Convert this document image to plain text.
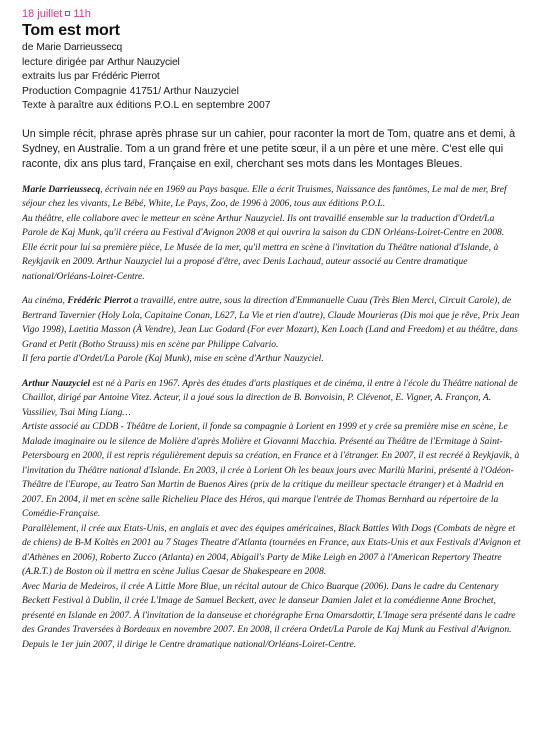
18 juillet 11h
Tom est mort
de Marie Darrieussecq
lecture dirigée par Arthur Nauzyciel
extraits lus par Frédéric Pierrot
Production Compagnie 41751/ Arthur Nauzyciel
Texte à paraître aux éditions P.O.L en septembre 2007
Un simple récit, phrase après phrase sur un cahier, pour raconter la mort de Tom, quatre ans et demi, à Sydney, en Australie. Tom a un grand frère et une petite sœur, il a un père et une mère. C'est elle qui raconte, dix ans plus tard, Française en exil, cherchant ses mots dans les Montages Bleues.

Marie Darrieussecq, écrivain née en 1969 au Pays basque. Elle a écrit Truismes, Naissance des fantômes, Le mal de mer, Bref séjour chez les vivants, Le Bébé, White, Le Pays, Zoo, de 1996 à 2006, tous aux éditions P.O.L.

Au théâtre, elle collabore avec le metteur en scène Arthur Nauzyciel. Ils ont travaillé ensemble sur la traduction d'Ordet/La Parole de Kaj Munk, qu'il créera au Festival d'Avignon 2008 et qui ouvrira la saison du CDN Orléans-Loiret-Centre en 2008.

Elle écrit pour lui sa première pièce, Le Musée de la mer, qu'il mettra en scène à l'invitation du Théâtre national d'Islande, à Reykjavik en 2009. Arthur Nauzyciel lui a proposé d'être, avec Denis Lachaud, auteur associé au Centre dramatique national/Orléans-Loiret-Centre.

Au cinéma, Frédéric Pierrot a travaillé, entre autre, sous la direction d'Emmanuelle Cuau (Très Bien Merci, Circuit Carole), de Bertrand Tavernier (Holy Lola, Capitaine Conan, L627, La Vie et rien d'autre), Claude Mourieras (Dis moi que je rêve, Prix Jean Vigo 1998), Laetitia Masson (À Vendre), Jean Luc Godard (For ever Mozart), Ken Loach (Land and Freedom) et au théâtre, dans Grand et Petit (Botho Strauss) mis en scène par Philippe Calvario.

Il fera partie d'Ordet/La Parole (Kaj Munk), mise en scène d'Arthur Nauzyciel.

Arthur Nauzyciel est né à Paris en 1967. Après des études d'arts plastiques et de cinéma, il entre à l'école du Théâtre national de Chaillot, dirigé par Antoine Vitez. Acteur, il a joué sous la direction de B. Bonvoisin, P. Clévenot, E. Vigner, A. Françon, A. Vassiliev, Tsai Ming Liang…

Artiste associé au CDDB - Théâtre de Lorient, il fonde sa compagnie à Lorient en 1999 et y crée sa première mise en scène, Le Malade imaginaire ou le silence de Molière d'après Molière et Giovanni Macchia. Présenté au Théâtre de l'Ermitage à Saint-Petersbourg en 2000, il est repris régulièrement depuis sa création, en France et à l'étranger. En 2007, il est recréé à Reykjavik, à l'invitation du Théâtre national d'Islande. En 2003, il crée à Lorient Oh les beaux jours avec Marilù Marini, présenté à l'Odéon-Théâtre de l'Europe, au Teatro San Martin de Buenos Aires (prix de la critique du meilleur spectacle étranger) et à Madrid en 2007. En 2004, il met en scène salle Richelieu Place des Héros, qui marque l'entrée de Thomas Bernhard au répertoire de la Comédie-Française.

Parallèlement, il crée aux Etats-Unis, en anglais et avec des équipes américaines, Black Battles With Dogs (Combats de nègre et de chiens) de B-M Koltès en 2001 au 7 Stages Theatre d'Atlanta (tournées en France, aux Etats-Unis et aux Festivals d'Avignon et d'Athènes en 2006), Roberto Zucco (Atlanta) en 2004, Abigail's Party de Mike Leigh en 2007 à l'American Repertory Theatre (A.R.T.) de Boston où il mettra en scène Julius Caesar de Shakespeare en 2008.

Avec Maria de Medeiros, il crée A Little More Blue, un récital autour de Chico Buarque (2006). Dans le cadre du Centenary Beckett Festival à Dublin, il crée L'Image de Samuel Beckett, avec le danseur Damien Jalet et la comédienne Anne Brochet, présenté en Islande en 2007. À l'invitation de la danseuse et chorégraphe Erna Omarsdottir, L'Image sera présenté dans le cadre des Grandes Traversées à Bordeaux en novembre 2007. En 2008, il créera Ordet/La Parole de Kaj Munk au Festival d'Avignon. Depuis le 1er juin 2007, il dirige le Centre dramatique national/Orléans-Loiret-Centre.
